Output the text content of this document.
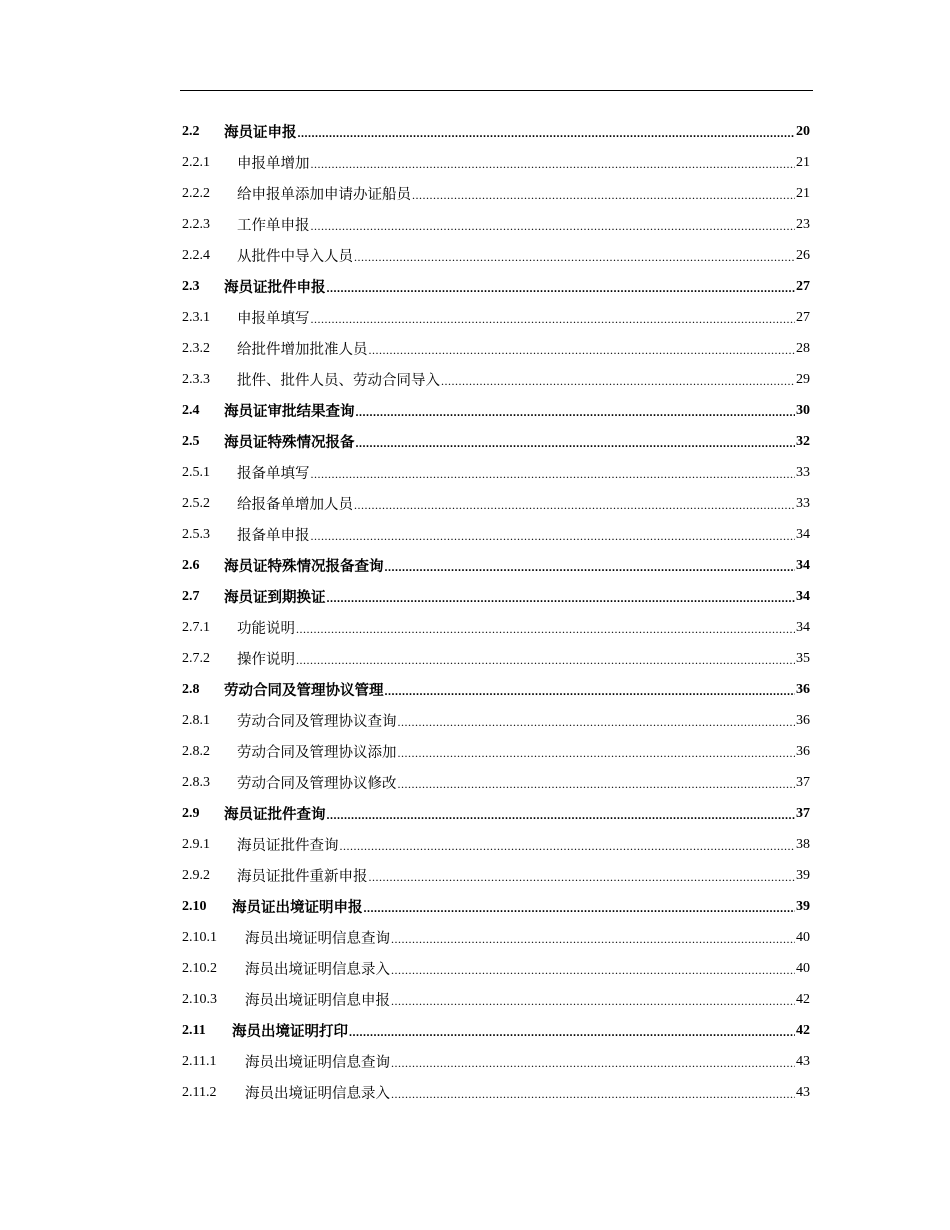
2.2	海员证申报 .....	20
2.2.1	申报单增加 .....	21
2.2.2	给申报单添加申请办证船员 .....	21
2.2.3	工作单申报 .....	23
2.2.4	从批件中导入人员 .....	26
2.3	海员证批件申报 .....	27
2.3.1	申报单填写 .....	27
2.3.2	给批件增加批准人员 .....	28
2.3.3	批件、批件人员、劳动合同导入 .....	29
2.4	海员证审批结果查询 .....	30
2.5	海员证特殊情况报备 .....	32
2.5.1	报备单填写 .....	33
2.5.2	给报备单增加人员 .....	33
2.5.3	报备单申报 .....	34
2.6	海员证特殊情况报备查询 .....	34
2.7	海员证到期换证 .....	34
2.7.1	功能说明 .....	34
2.7.2	操作说明 .....	35
2.8	劳动合同及管理协议管理 .....	36
2.8.1	劳动合同及管理协议查询 .....	36
2.8.2	劳动合同及管理协议添加 .....	36
2.8.3	劳动合同及管理协议修改 .....	37
2.9	海员证批件查询 .....	37
2.9.1	海员证批件查询 .....	38
2.9.2	海员证批件重新申报 .....	39
2.10	海员证出境证明申报 .....	39
2.10.1	海员出境证明信息查询 .....	40
2.10.2	海员出境证明信息录入 .....	40
2.10.3	海员出境证明信息申报 .....	42
2.11	海员出境证明打印 .....	42
2.11.1	海员出境证明信息查询 .....	43
2.11.2	海员出境证明信息录入 .....	43
